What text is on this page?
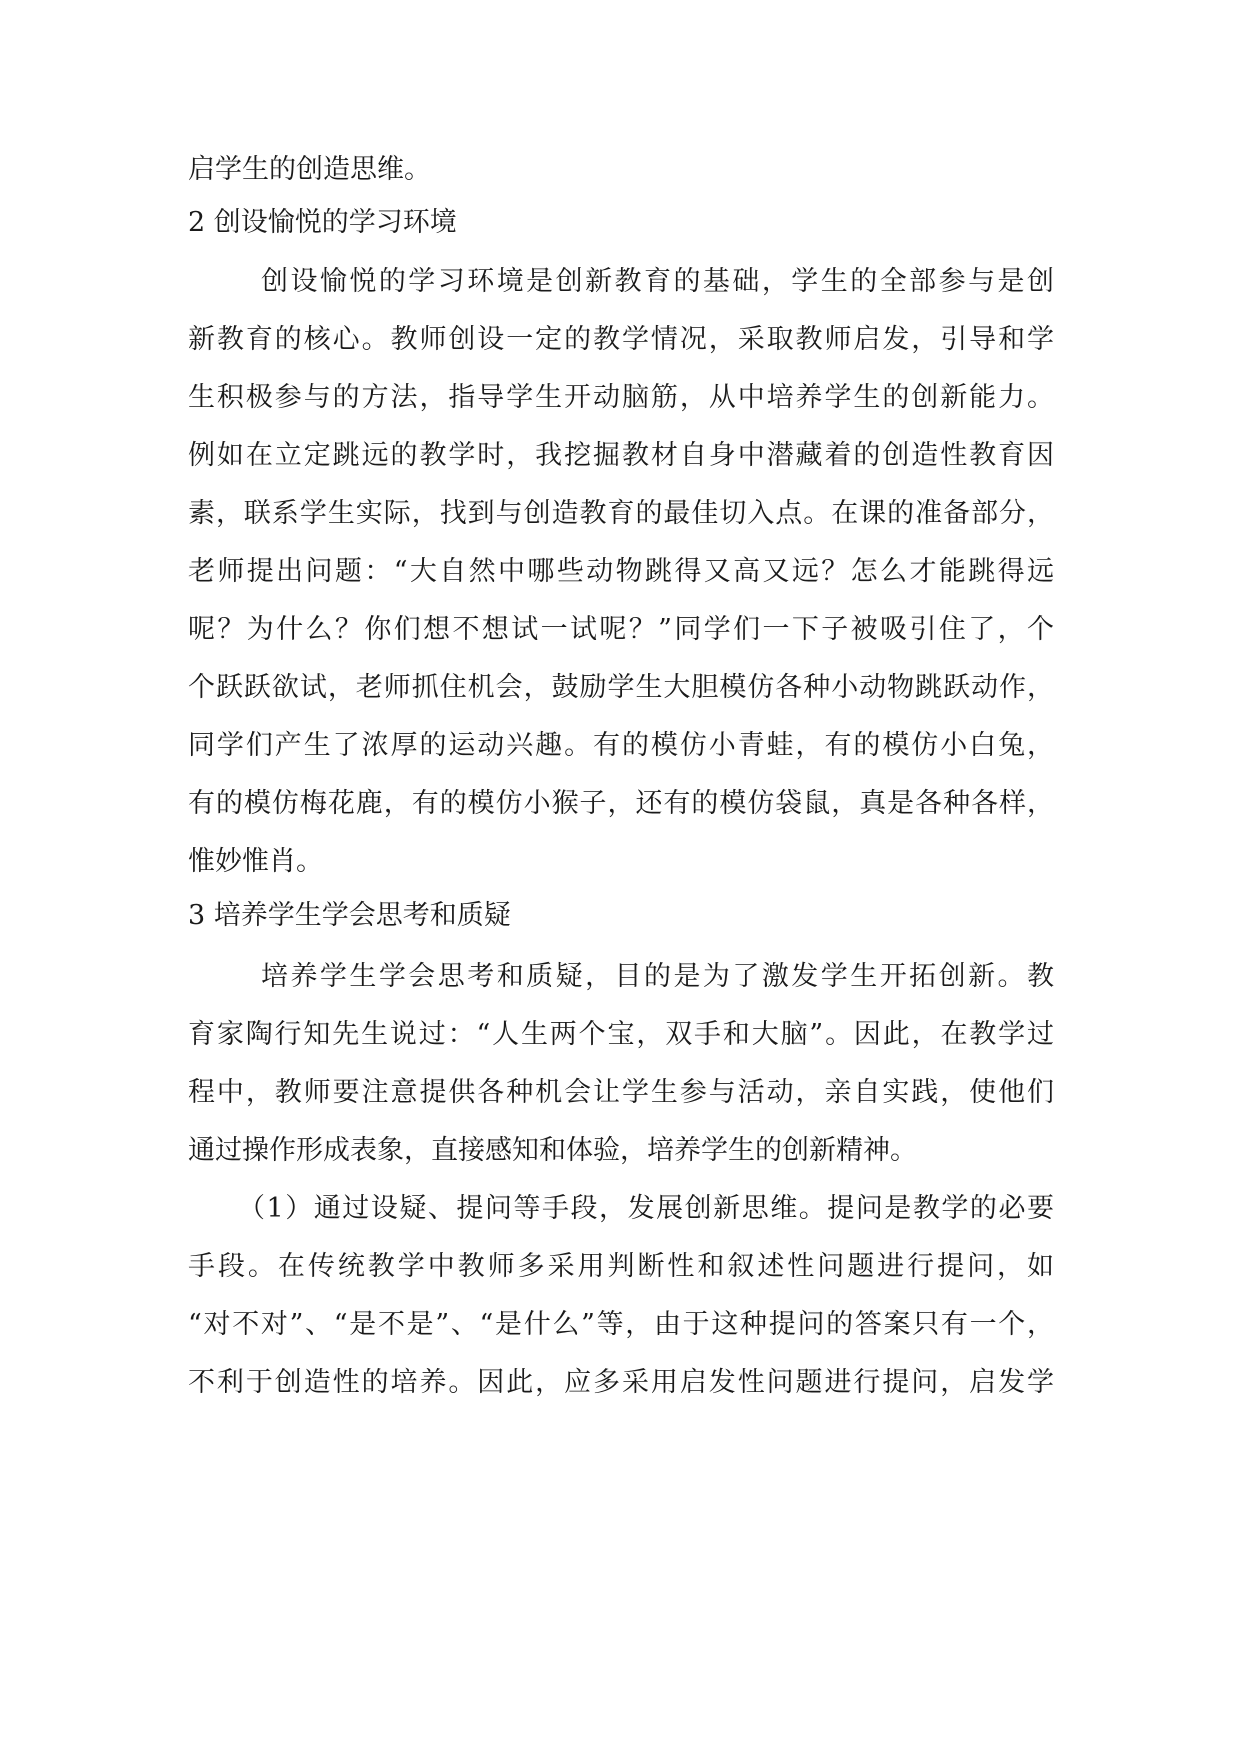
启学生的创造思维。
2 创设愉悦的学习环境
创设愉悦的学习环境是创新教育的基础，学生的全部参与是创
新教育的核心。教师创设一定的教学情况，采取教师启发，引导和学
生积极参与的方法，指导学生开动脑筋，从中培养学生的创新能力。
例如在立定跳远的教学时，我挖掘教材自身中潜藏着的创造性教育因
素，联系学生实际，找到与创造教育的最佳切入点。在课的准备部分，
老师提出问题：“大自然中哪些动物跳得又高又远？怎么才能跳得远
呢？为什么？你们想不想试一试呢？”同学们一下子被吸引住了，个
个跃跃欲试，老师抓住机会，鼓励学生大胆模仿各种小动物跳跃动作，
同学们产生了浓厚的运动兴趣。有的模仿小青蛙，有的模仿小白兔，
有的模仿梅花鹿，有的模仿小猴子，还有的模仿袋鼠，真是各种各样，
惟妙惟肖。
3 培养学生学会思考和质疑
培养学生学会思考和质疑，目的是为了激发学生开拓创新。教
育家陶行知先生说过：“人生两个宝，双手和大脑”。因此，在教学过
程中，教师要注意提供各种机会让学生参与活动，亲自实践，使他们
通过操作形成表象，直接感知和体验，培养学生的创新精神。
（1）通过设疑、提问等手段，发展创新思维。提问是教学的必要
手段。在传统教学中教师多采用判断性和叙述性问题进行提问，如
“对不对”、“是不是”、“是什么”等，由于这种提问的答案只有一个，
不利于创造性的培养。因此，应多采用启发性问题进行提问，启发学
